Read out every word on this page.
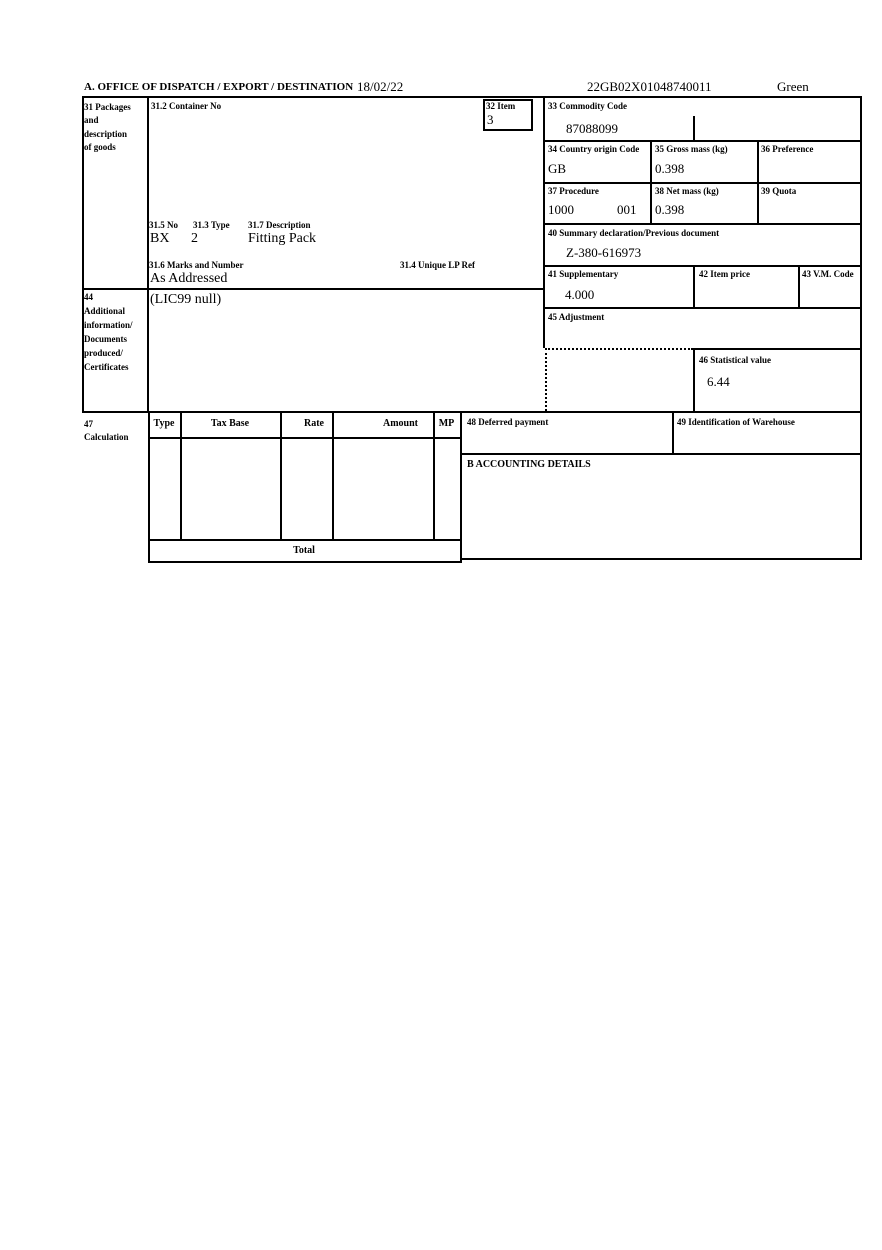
A. OFFICE OF DISPATCH / EXPORT / DESTINATION 18/02/22	22GB02X01048740011	Green
31 Packages
and
description
of goods
31.2 Container No	32 Item
3
33 Commodity Code
87088099
34 Country origin Code
GB
35 Gross mass (kg)
0.398
36 Preference
37 Procedure
1000	001
38 Net mass (kg)
0.398
39 Quota
31.5 No 31.3 Type 31.7 Description
BX 2	Fitting Pack
31.6 Marks and Number	31.4 Unique LP Ref
As Addressed
40 Summary declaration/Previous document
Z-380-616973
41 Supplementary
4.000
42 Item price	43 V.M. Code
44
Additional
information/
Documents
produced/
Certificates
(LIC99 null)
45 Adjustment
46 Statistical value
6.44
47
Calculation
Type	Tax Base	Rate	Amount	MP
Total
48 Deferred payment	49 Identification of Warehouse
B ACCOUNTING DETAILS
